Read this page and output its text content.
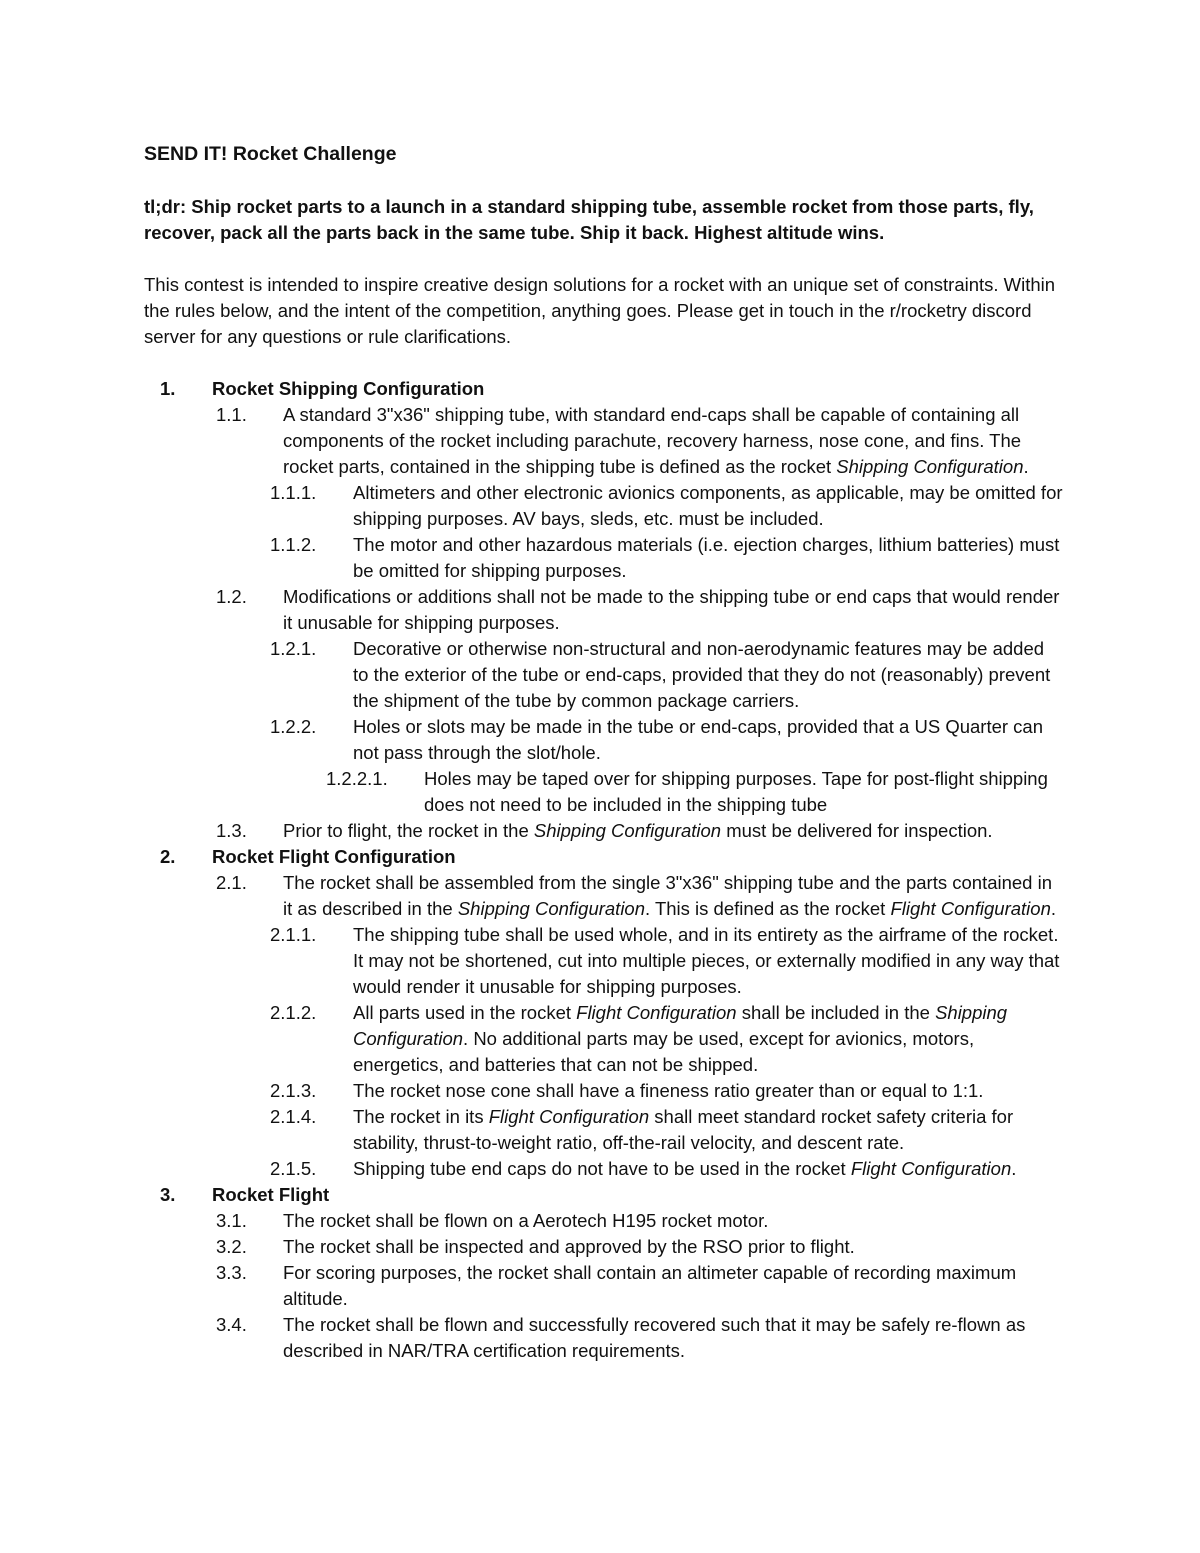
SEND IT! Rocket Challenge
tl;dr: Ship rocket parts to a launch in a standard shipping tube, assemble rocket from those parts, fly, recover, pack all the parts back in the same tube. Ship it back. Highest altitude wins.
This contest is intended to inspire creative design solutions for a rocket with an unique set of constraints. Within the rules below, and the intent of the competition, anything goes. Please get in touch in the r/rocketry discord server for any questions or rule clarifications.
1. Rocket Shipping Configuration
1.1. A standard 3"x36" shipping tube, with standard end-caps shall be capable of containing all components of the rocket including parachute, recovery harness, nose cone, and fins. The rocket parts, contained in the shipping tube is defined as the rocket Shipping Configuration.
1.1.1. Altimeters and other electronic avionics components, as applicable, may be omitted for shipping purposes. AV bays, sleds, etc. must be included.
1.1.2. The motor and other hazardous materials (i.e. ejection charges, lithium batteries) must be omitted for shipping purposes.
1.2. Modifications or additions shall not be made to the shipping tube or end caps that would render it unusable for shipping purposes.
1.2.1. Decorative or otherwise non-structural and non-aerodynamic features may be added to the exterior of the tube or end-caps, provided that they do not (reasonably) prevent the shipment of the tube by common package carriers.
1.2.2. Holes or slots may be made in the tube or end-caps, provided that a US Quarter can not pass through the slot/hole.
1.2.2.1. Holes may be taped over for shipping purposes. Tape for post-flight shipping does not need to be included in the shipping tube
1.3. Prior to flight, the rocket in the Shipping Configuration must be delivered for inspection.
2. Rocket Flight Configuration
2.1. The rocket shall be assembled from the single 3"x36" shipping tube and the parts contained in it as described in the Shipping Configuration. This is defined as the rocket Flight Configuration.
2.1.1. The shipping tube shall be used whole, and in its entirety as the airframe of the rocket. It may not be shortened, cut into multiple pieces, or externally modified in any way that would render it unusable for shipping purposes.
2.1.2. All parts used in the rocket Flight Configuration shall be included in the Shipping Configuration. No additional parts may be used, except for avionics, motors, energetics, and batteries that can not be shipped.
2.1.3. The rocket nose cone shall have a fineness ratio greater than or equal to 1:1.
2.1.4. The rocket in its Flight Configuration shall meet standard rocket safety criteria for stability, thrust-to-weight ratio, off-the-rail velocity, and descent rate.
2.1.5. Shipping tube end caps do not have to be used in the rocket Flight Configuration.
3. Rocket Flight
3.1. The rocket shall be flown on a Aerotech H195 rocket motor.
3.2. The rocket shall be inspected and approved by the RSO prior to flight.
3.3. For scoring purposes, the rocket shall contain an altimeter capable of recording maximum altitude.
3.4. The rocket shall be flown and successfully recovered such that it may be safely re-flown as described in NAR/TRA certification requirements.
